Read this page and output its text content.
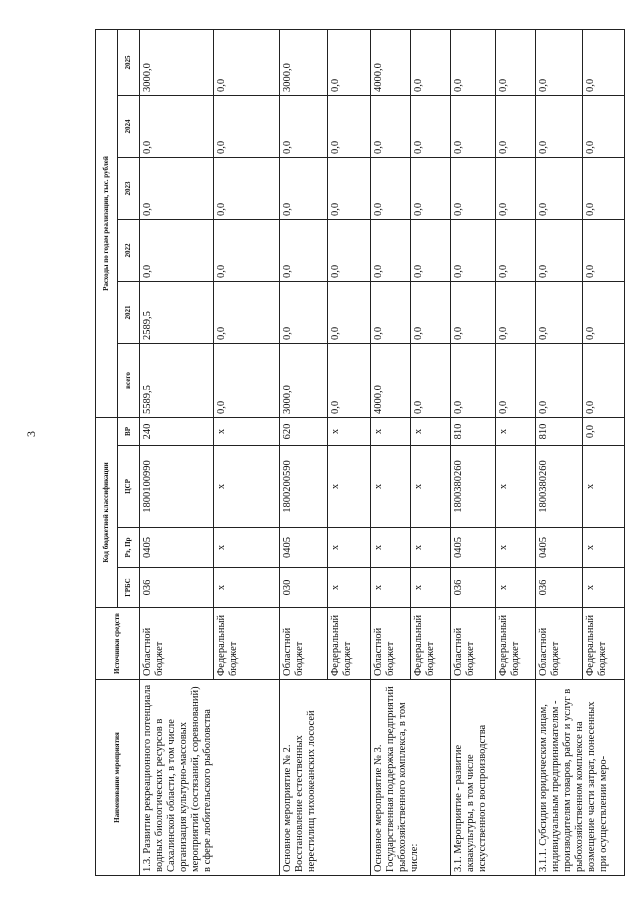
3
Наименование мероприятия	Источники средств	Код бюджетной классификации				Расходы по годам реализации, тыс. рублей					
		ГРБС	Рз, Пр	ЦСР	ВР	всего	2021	2022	2023	2024	2025
1.3. Развитие рекреационного потенциала водных биологических ресурсов в Сахалинской области, в том числе организация культурно-массовых мероприятий (состязаний, соревнований) в сфере любительского рыболовства	Областной бюджет	036	0405	1800100990	240	5589,5	2589,5	0,0	0,0	0,0	3000,0
	Федеральный бюджет	х	х	х	х	0,0	0,0	0,0	0,0	0,0	0,0
Основное мероприятие № 2. Восстановление естественных нерестилищ тихоокеанских лососей	Областной бюджет	030	0405	1800200590	620	3000,0	0,0	0,0	0,0	0,0	3000,0
	Федеральный бюджет	х	х	х	х	0,0	0,0	0,0	0,0	0,0	0,0
Основное мероприятие № 3. Государственная поддержка предприятий рыбохозяйственного комплекса, в том числе:	Областной бюджет	х	х	х	х	4000,0	0,0	0,0	0,0	0,0	4000,0
	Федеральный бюджет	х	х	х	х	0,0	0,0	0,0	0,0	0,0	0,0
3.1. Мероприятие - развитие аквакультуры, в том числе искусственного воспроизводства	Областной бюджет	036	0405	1800380260	810	0,0	0,0	0,0	0,0	0,0	0,0
	Федеральный бюджет	х	х	х	х	0,0	0,0	0,0	0,0	0,0	0,0
3.1.1. Субсидии юридическим лицам, индивидуальным предпринимателям - производителям товаров, работ и услуг в рыбохозяйственном комплексе на возмещение части затрат, понесенных при осуществлении меро-	Областной бюджет	036	0405	1800380260	810	0,0	0,0	0,0	0,0	0,0	0,0
	Федеральный бюджет	х	х	х	0,0	0,0	0,0	0,0	0,0	0,0	0,0
